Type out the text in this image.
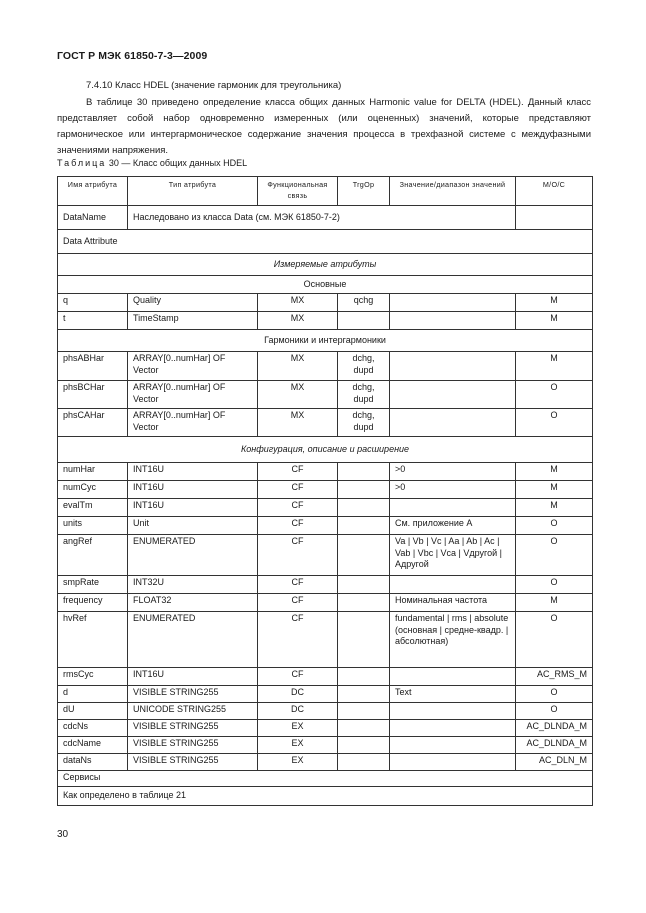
ГОСТ Р МЭК 61850-7-3—2009
7.4.10 Класс HDEL (значение гармоник для треугольника)
В таблице 30 приведено определение класса общих данных Harmonic value for DELTA (HDEL). Данный класс представляет собой набор одновременно измеренных (или оцененных) значений, которые представляют гармоническое или интергармоническое содержание значения процесса в трехфазной системе с междуфазными значениями напряжения.
Таблица 30 — Класс общих данных HDEL
Имя атрибута	Тип атрибута	Функциональная связь	TrgOp	Значение/диапазон значений	M/O/C
DataName	Наследовано из класса Data (см. МЭК 61850-7-2)				
Data Attribute					
Измеряемые атрибуты					
Основные					
q	Quality	MX	qchg		M
t	TimeStamp	MX			M
Гармоники и интергармоники					
phsABHar	ARRAY[0..numHar] OF Vector	MX	dchg, dupd		M
phsBCHar	ARRAY[0..numHar] OF Vector	MX	dchg, dupd		O
phsCAHar	ARRAY[0..numHar] OF Vector	MX	dchg, dupd		O
Конфигурация, описание и расширение					
numHar	INT16U	CF		>0	M
numCyc	INT16U	CF		>0	M
evalTm	INT16U	CF			M
units	Unit	CF		См. приложение А	O
angRef	ENUMERATED	CF		Va | Vb | Vc | Aa | Ab | Ac | Vab | Vbc | Vca | Vдругой | Aдругой	O
smpRate	INT32U	CF			O
frequency	FLOAT32	CF		Номинальная частота	M
hvRef	ENUMERATED	CF		fundamental | rms | absolute (основная | средне-квадр. | абсолютная)	O
rmsCyc	INT16U	CF			AC_RMS_M
d	VISIBLE STRING255	DC		Text	O
dU	UNICODE STRING255	DC			O
cdcNs	VISIBLE STRING255	EX			AC_DLNDA_M
cdcName	VISIBLE STRING255	EX			AC_DLNDA_M
dataNs	VISIBLE STRING255	EX			AC_DLN_M
Сервисы					
Как определено в таблице 21					
30
